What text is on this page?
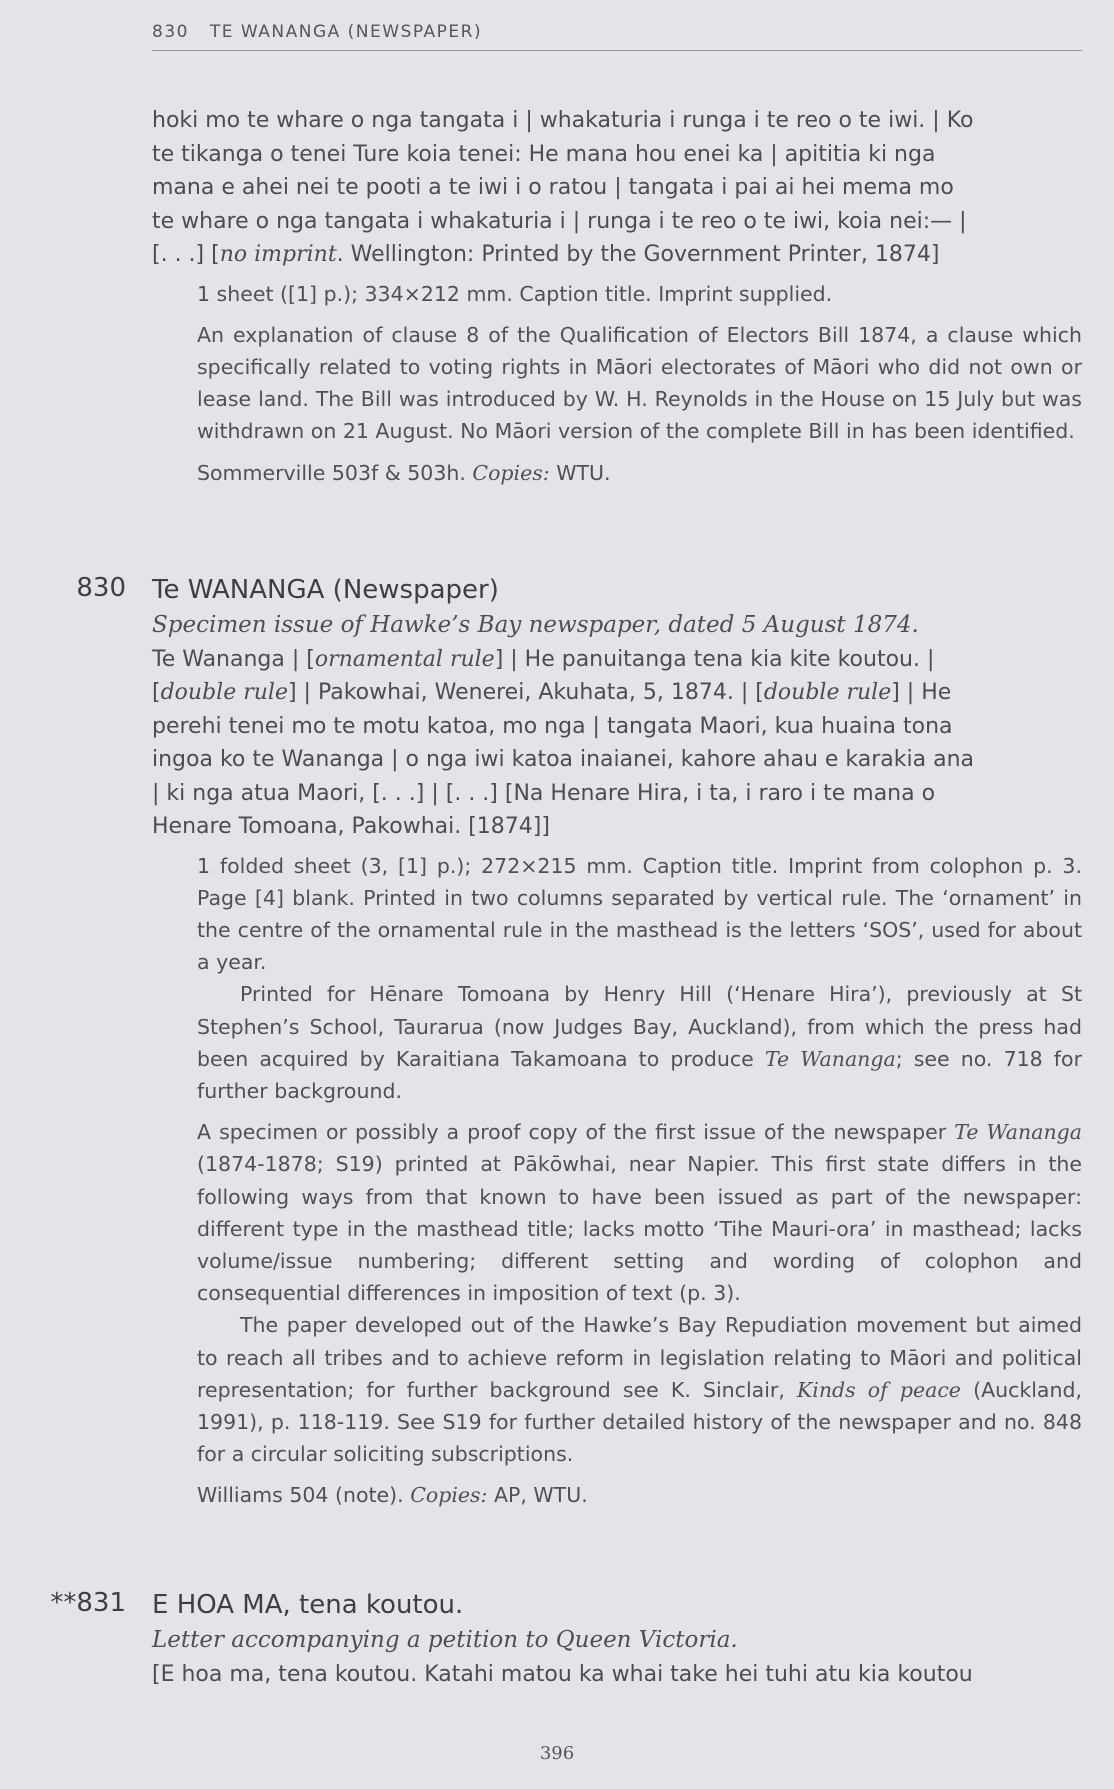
830 TE WANANGA (NEWSPAPER)

hoki mo te whare o nga tangata i | whakaturia i runga i te reo o te iwi. | Ko

te tikanga o tenei Ture koia tenei: He mana hou enei ka | apititia ki nga

mana e ahei nei te pooti a te iwi i o ratou | tangata i pai ai hei mema mo

te whare o nga tangata i whakaturia i | runga i te reo o te iwi, koia nei:— |

[. . .] [no imprint. Wellington: Printed by the Government Printer, 1874]

1 sheet ([1] p.); 334×212 mm. Caption title. Imprint supplied.

An explanation of clause 8 of the Qualification of Electors Bill 1874, a clause which specifically related to voting rights in Māori electorates of Māori who did not own or lease land. The Bill was introduced by W. H. Reynolds in the House on 15 July but was withdrawn on 21 August. No Māori version of the complete Bill in has been identified.

Sommerville 503f & 503h. Copies: WTU.

830 Te WANANGA (Newspaper)

Specimen issue of Hawke’s Bay newspaper, dated 5 August 1874.

Te Wananga | [ornamental rule] | He panuitanga tena kia kite koutou. |

[double rule] | Pakowhai, Wenerei, Akuhata, 5, 1874. | [double rule] | He

perehi tenei mo te motu katoa, mo nga | tangata Maori, kua huaina tona

ingoa ko te Wananga | o nga iwi katoa inaianei, kahore ahau e karakia ana

| ki nga atua Maori, [. . .] | [. . .] [Na Henare Hira, i ta, i raro i te mana o

Henare Tomoana, Pakowhai. [1874]]

1 folded sheet (3, [1] p.); 272×215 mm. Caption title. Imprint from colophon p. 3. Page [4] blank. Printed in two columns separated by vertical rule. The ‘ornament’ in the centre of the ornamental rule in the masthead is the letters ‘SOS’, used for about a year.

Printed for Hēnare Tomoana by Henry Hill (‘Henare Hira’), previously at St Stephen’s School, Taurarua (now Judges Bay, Auckland), from which the press had been acquired by Karaitiana Takamoana to produce Te Wananga; see no. 718 for further background.

A specimen or possibly a proof copy of the first issue of the newspaper Te Wananga (1874-1878; S19) printed at Pākōwhai, near Napier. This first state differs in the following ways from that known to have been issued as part of the newspaper: different type in the masthead title; lacks motto ‘Tihe Mauri-ora’ in masthead; lacks volume/issue numbering; different setting and wording of colophon and consequential differences in imposition of text (p. 3).

The paper developed out of the Hawke’s Bay Repudiation movement but aimed to reach all tribes and to achieve reform in legislation relating to Māori and political representation; for further background see K. Sinclair, Kinds of peace (Auckland, 1991), p. 118-119. See S19 for further detailed history of the newspaper and no. 848 for a circular soliciting subscriptions.

Williams 504 (note). Copies: AP, WTU.

**831 E HOA MA, tena koutou.

Letter accompanying a petition to Queen Victoria.

[E hoa ma, tena koutou. Katahi matou ka whai take hei tuhi atu kia koutou

396
